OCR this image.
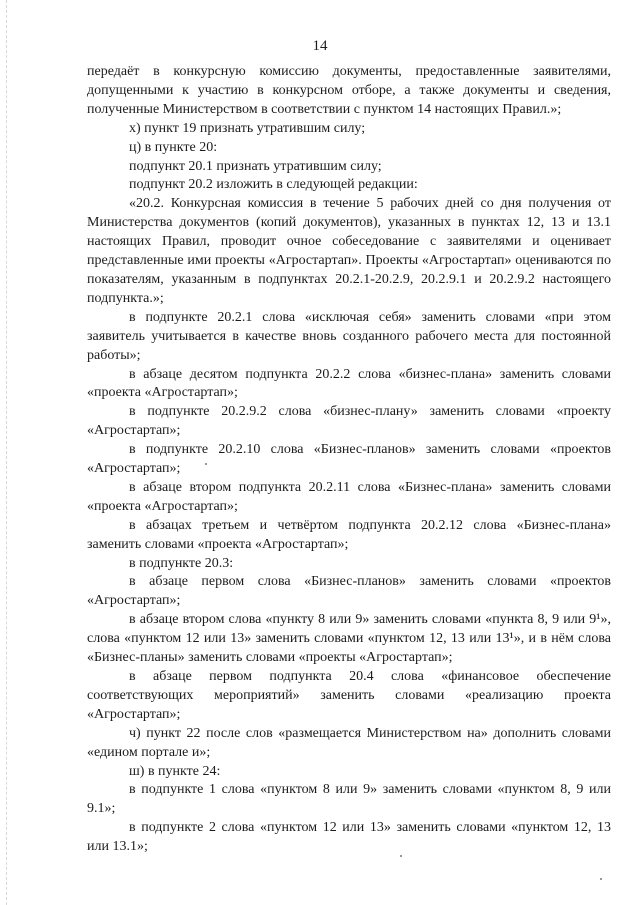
14

передаёт в конкурсную комиссию документы, предоставленные заявителями, допущенными к участию в конкурсном отборе, а также документы и сведения, полученные Министерством в соответствии с пунктом 14 настоящих Правил.»;

х) пункт 19 признать утратившим силу;

ц) в пункте 20:

подпункт 20.1 признать утратившим силу;

подпункт 20.2 изложить в следующей редакции:

«20.2. Конкурсная комиссия в течение 5 рабочих дней со дня получения от Министерства документов (копий документов), указанных в пунктах 12, 13 и 13.1 настоящих Правил, проводит очное собеседование с заявителями и оценивает представленные ими проекты «Агростартап». Проекты «Агростартап» оцениваются по показателям, указанным в подпунктах 20.2.1-20.2.9, 20.2.9.1 и 20.2.9.2 настоящего подпункта.»;

в подпункте 20.2.1 слова «исключая себя» заменить словами «при этом заявитель учитывается в качестве вновь созданного рабочего места для постоянной работы»;

в абзаце десятом подпункта 20.2.2 слова «бизнес-плана» заменить словами «проекта «Агростартап»;

в подпункте 20.2.9.2 слова «бизнес-плану» заменить словами «проекту «Агростартап»;

в подпункте 20.2.10 слова «Бизнес-планов» заменить словами «проектов «Агростартап»;

в абзаце втором подпункта 20.2.11 слова «Бизнес-плана» заменить словами «проекта «Агростартап»;

в абзацах третьем и четвёртом подпункта 20.2.12 слова «Бизнес-плана» заменить словами «проекта «Агростартап»;

в подпункте 20.3:

в абзаце первом слова «Бизнес-планов» заменить словами «проектов «Агростартап»;

в абзаце втором слова «пункту 8 или 9» заменить словами «пункта 8, 9 или 9¹», слова «пунктом 12 или 13» заменить словами «пунктом 12, 13 или 13¹», и в нём слова «Бизнес-планы» заменить словами «проекты «Агростартап»;

в абзаце первом подпункта 20.4 слова «финансовое обеспечение соответствующих мероприятий» заменить словами «реализацию проекта «Агростартап»;

ч) пункт 22 после слов «размещается Министерством на» дополнить словами «едином портале и»;

ш) в пункте 24:

в подпункте 1 слова «пунктом 8 или 9» заменить словами «пунктом 8, 9 или 9.1»;

в подпункте 2 слова «пунктом 12 или 13» заменить словами «пунктом 12, 13 или 13.1»;
